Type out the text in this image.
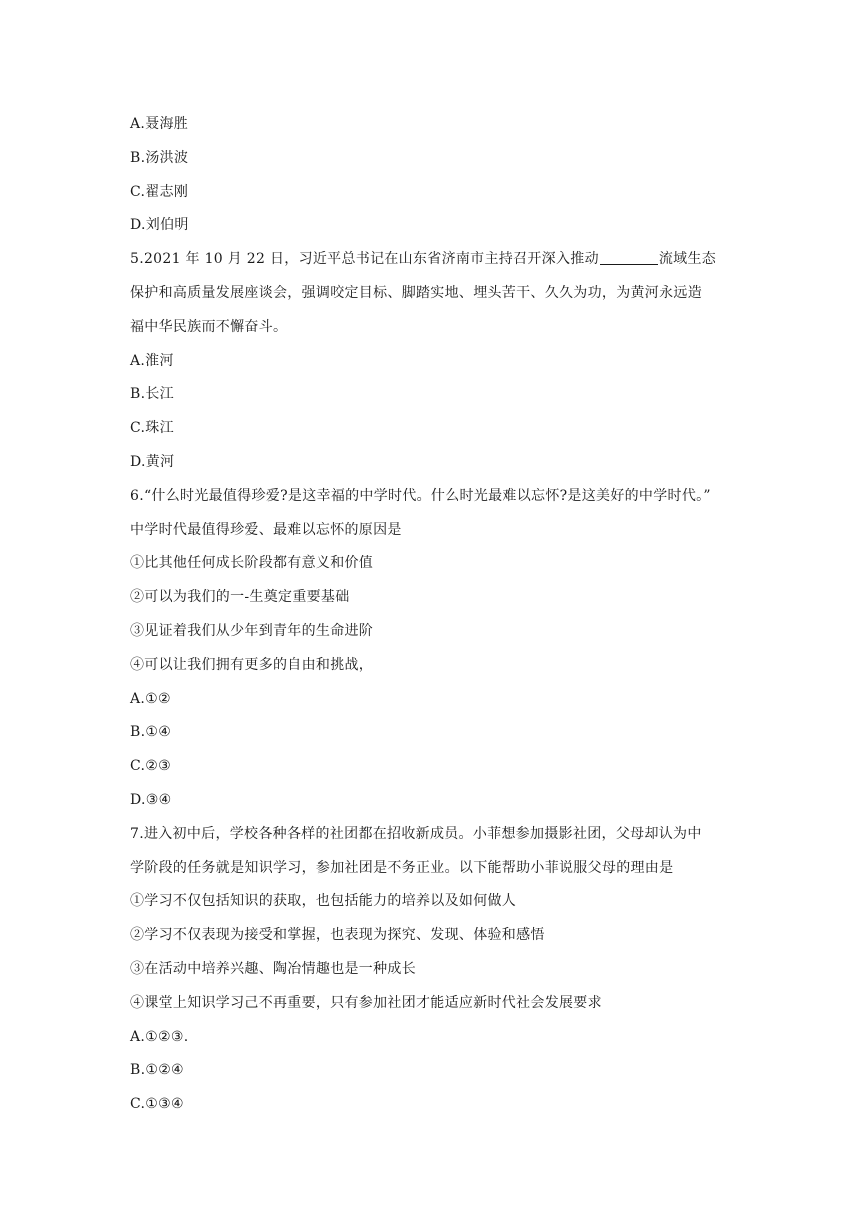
A.聂海胜
B.汤洪波
C.翟志刚
D.刘伯明
5.2021 年 10 月 22 日，习近平总书记在山东省济南市主持召开深入推动	流域生态
保护和高质量发展座谈会，强调咬定目标、脚踏实地、埋头苦干、久久为功，为黄河永远造
福中华民族而不懈奋斗。
A.淮河
B.长江
C.珠江
D.黄河
6.“什么时光最值得珍爱?是这幸福的中学时代。什么时光最难以忘怀?是这美好的中学时代。”
中学时代最值得珍爱、最难以忘怀的原因是
①比其他任何成长阶段都有意义和价值
②可以为我们的一-生奠定重要基础
③见证着我们从少年到青年的生命进阶
④可以让我们拥有更多的自由和挑战，
A.①②
B.①④
C.②③
D.③④
7.进入初中后，学校各种各样的社团都在招收新成员。小菲想参加摄影社团，父母却认为中
学阶段的任务就是知识学习，参加社团是不务正业。以下能帮助小菲说服父母的理由是
①学习不仅包括知识的获取，也包括能力的培养以及如何做人
②学习不仅表现为接受和掌握，也表现为探究、发现、体验和感悟
③在活动中培养兴趣、陶冶情趣也是一种成长
④课堂上知识学习己不再重要，只有参加社团才能适应新时代社会发展要求
A.①②③.
B.①②④
C.①③④
